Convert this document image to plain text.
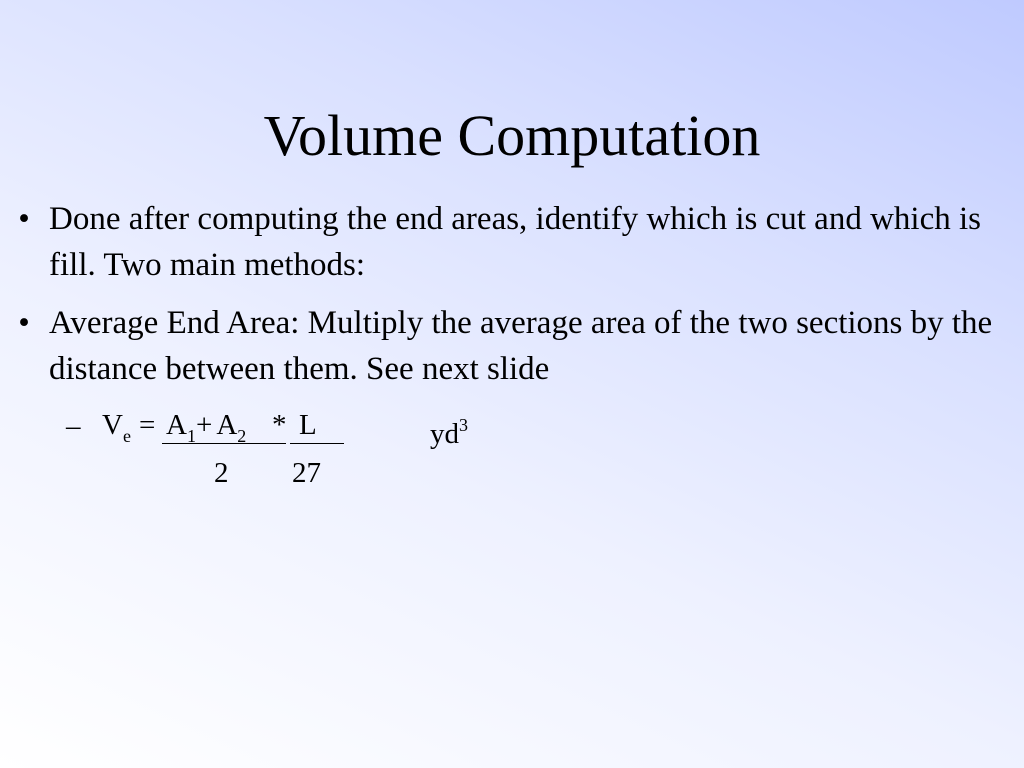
Volume Computation
• Done after computing the end areas, identify which is cut and which is fill. Two main methods:
• Average End Area: Multiply the average area of the two sections by the distance between them. See next slide
– $V_e = A_1+ A_2 * L$
2 27
$yd^3$
